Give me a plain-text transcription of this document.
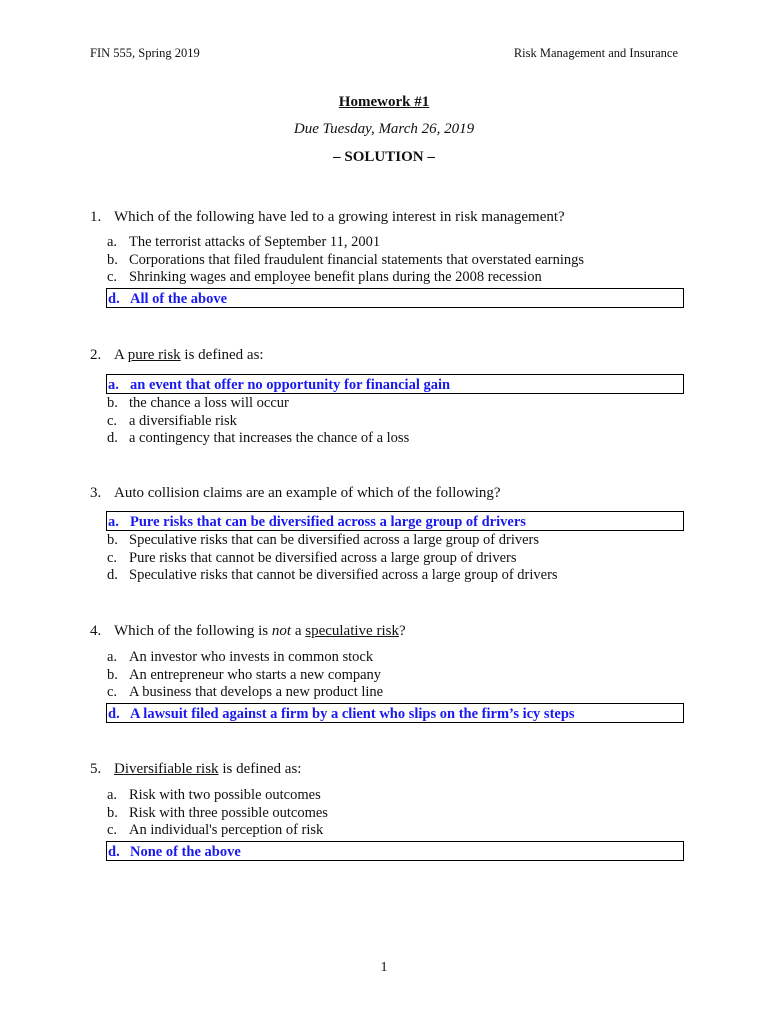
FIN 555, Spring 2019	Risk Management and Insurance
Homework #1
Due Tuesday, March 26, 2019
– SOLUTION –
1. Which of the following have led to a growing interest in risk management?
a. The terrorist attacks of September 11, 2001
b. Corporations that filed fraudulent financial statements that overstated earnings
c. Shrinking wages and employee benefit plans during the 2008 recession
d. All of the above
2. A pure risk is defined as:
a. an event that offer no opportunity for financial gain
b. the chance a loss will occur
c. a diversifiable risk
d. a contingency that increases the chance of a loss
3. Auto collision claims are an example of which of the following?
a. Pure risks that can be diversified across a large group of drivers
b. Speculative risks that can be diversified across a large group of drivers
c. Pure risks that cannot be diversified across a large group of drivers
d. Speculative risks that cannot be diversified across a large group of drivers
4. Which of the following is not a speculative risk?
a. An investor who invests in common stock
b. An entrepreneur who starts a new company
c. A business that develops a new product line
d. A lawsuit filed against a firm by a client who slips on the firm’s icy steps
5. Diversifiable risk is defined as:
a. Risk with two possible outcomes
b. Risk with three possible outcomes
c. An individual's perception of risk
d. None of the above
1
